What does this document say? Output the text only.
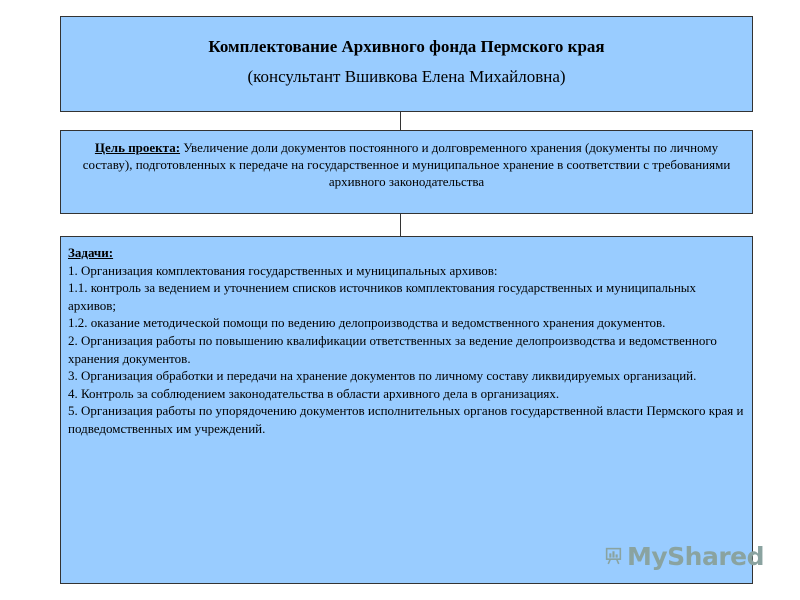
Комплектование Архивного фонда Пермского края
(консультант Вшивкова Елена Михайловна)
Цель проекта: Увеличение доли документов постоянного и долговременного хранения (документы по личному составу), подготовленных к передаче на государственное и муниципальное хранение в соответствии с требованиями архивного законодательства
Задачи:
1. Организация комплектования государственных и муниципальных архивов:
1.1. контроль за ведением и уточнением списков источников комплектования государственных и муниципальных архивов;
1.2. оказание методической помощи по ведению делопроизводства и ведомственного хранения документов.
2. Организация работы по повышению квалификации ответственных за ведение делопроизводства и ведомственного хранения документов.
3. Организация обработки и передачи на хранение документов по личному составу ликвидируемых организаций.
4. Контроль за соблюдением законодательства в области архивного дела в организациях.
5. Организация работы по упорядочению документов исполнительных органов государственной власти Пермского края и подведомственных им учреждений.
MyShared
